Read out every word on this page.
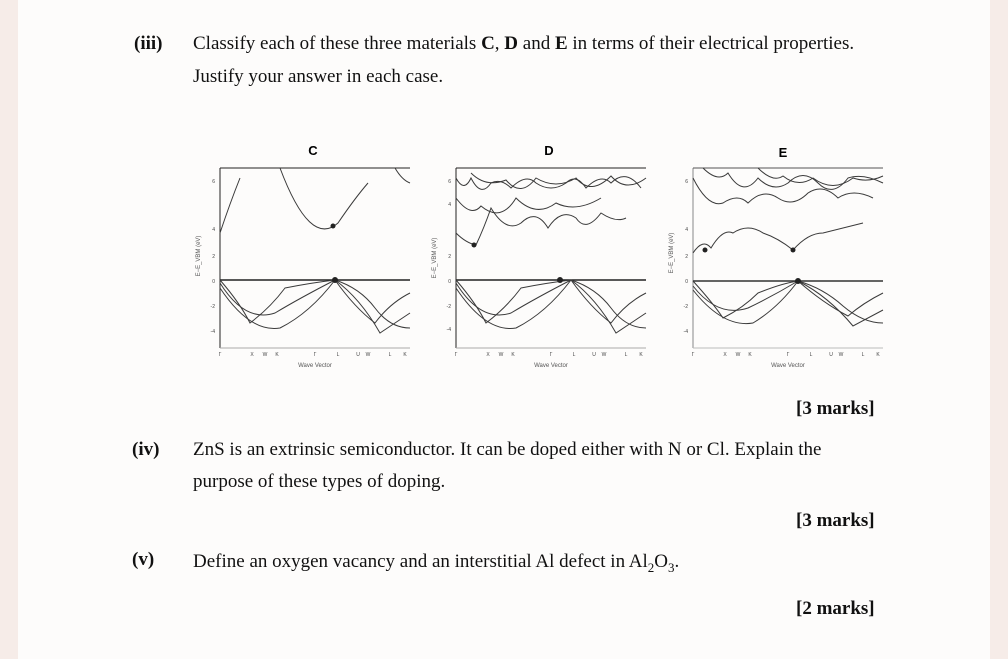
(iii) Classify each of these three materials C, D and E in terms of their electrical properties.
Justify your answer in each case.
C
E−E_VBM (eV)
6
4
2
0
-2
-4
Γ	X W K	Γ	L	U W	L K
Wave Vector
D
E−E_VBM (eV)
6
4
2
0
-2
-4
Γ	X W K	Γ	L	U W	L K
Wave Vector
E
E−E_VBM (eV)
6
4
2
0
-2
-4
Γ	X W K	Γ	L	U W	L K
Wave Vector
[3 marks]
(iv) ZnS is an extrinsic semiconductor. It can be doped either with N or Cl. Explain the
purpose of these types of doping.
[3 marks]
(v) Define an oxygen vacancy and an interstitial Al defect in $Al_2O_3$.
[2 marks]
